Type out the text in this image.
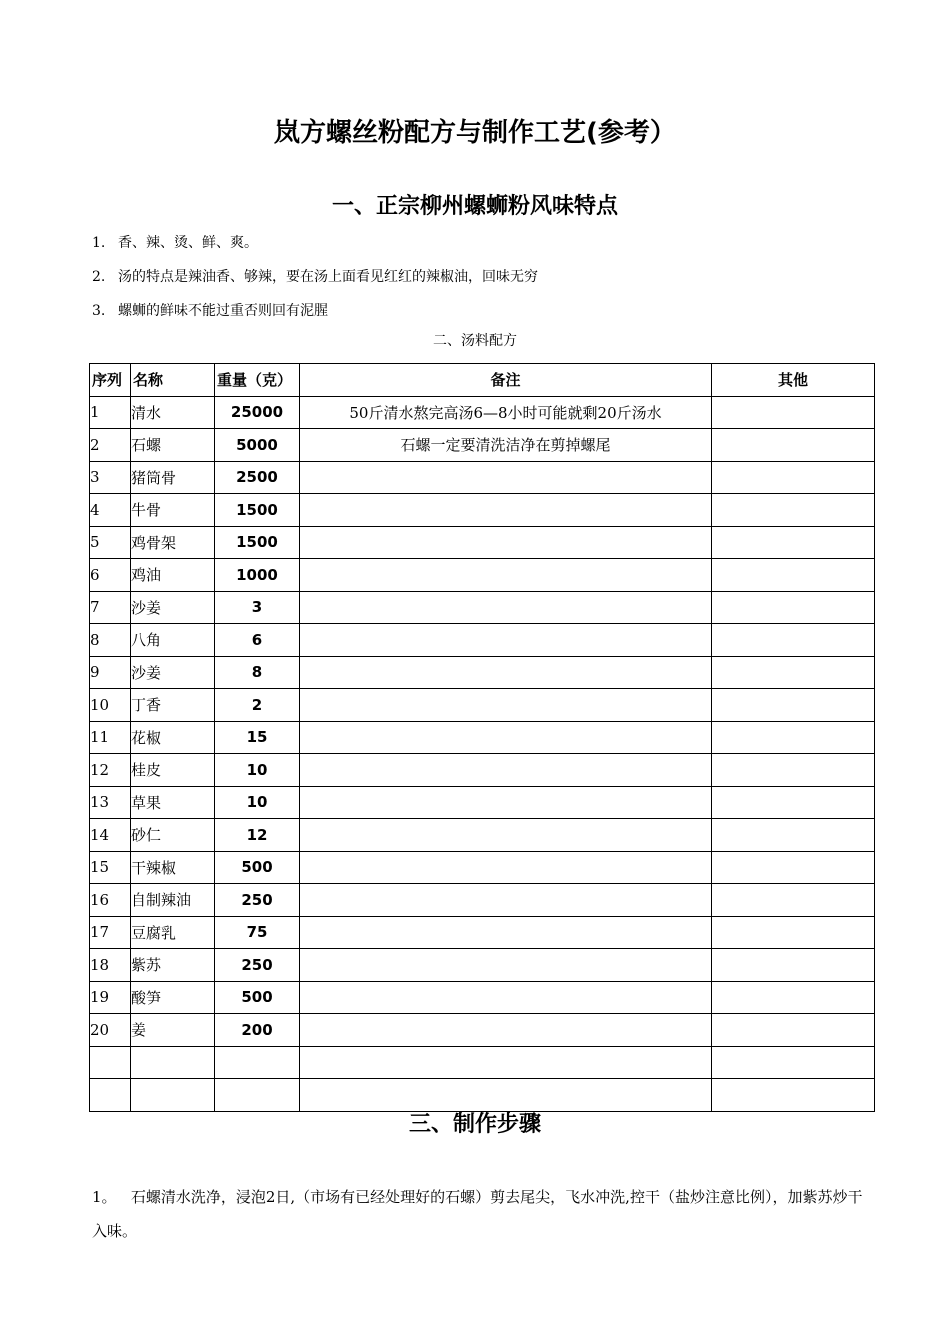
岚方螺丝粉配方与制作工艺(参考）
一、正宗柳州螺蛳粉风味特点
1. 香、辣、烫、鲜、爽。
2. 汤的特点是辣油香、够辣，要在汤上面看见红红的辣椒油，回味无穷
3. 螺蛳的鲜味不能过重否则回有泥腥
二、汤料配方
序列	名称	重量（克）	备注	其他
1	清水	25000	50斤清水熬完高汤6—8小时可能就剩20斤汤水	
2	石螺	5000	石螺一定要清洗洁净在剪掉螺尾	
3	猪筒骨	2500		
4	牛骨	1500		
5	鸡骨架	1500		
6	鸡油	1000		
7	沙姜	3		
8	八角	6		
9	沙姜	8		
10	丁香	2		
11	花椒	15		
12	桂皮	10		
13	草果	10		
14	砂仁	12		
15	干辣椒	500		
16	自制辣油	250		
17	豆腐乳	75		
18	紫苏	250		
19	酸笋	500		
20	姜	200		

三、制作步骤

1。 石螺清水洗净，浸泡2日,（市场有已经处理好的石螺）剪去尾尖，飞水冲洗,控干（盐炒注意比例），加紫苏炒干入味。
